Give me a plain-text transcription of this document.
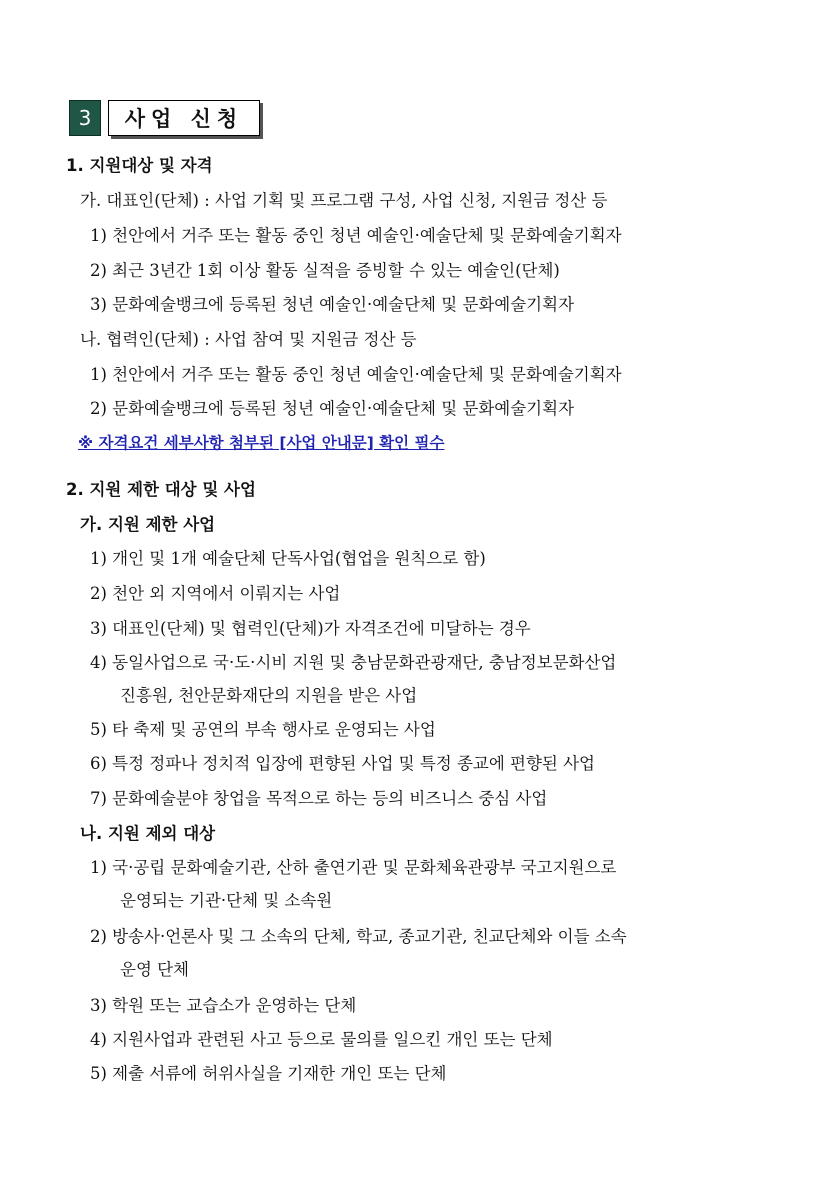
3	사업 신청
1. 지원대상 및 자격
가. 대표인(단체) : 사업 기획 및 프로그램 구성, 사업 신청, 지원금 정산 등
1) 천안에서 거주 또는 활동 중인 청년 예술인·예술단체 및 문화예술기획자
2) 최근 3년간 1회 이상 활동 실적을 증빙할 수 있는 예술인(단체)
3) 문화예술뱅크에 등록된 청년 예술인·예술단체 및 문화예술기획자
나. 협력인(단체) : 사업 참여 및 지원금 정산 등
1) 천안에서 거주 또는 활동 중인 청년 예술인·예술단체 및 문화예술기획자
2) 문화예술뱅크에 등록된 청년 예술인·예술단체 및 문화예술기획자
※ 자격요건 세부사항 첨부된 [사업 안내문] 확인 필수
2. 지원 제한 대상 및 사업
가. 지원 제한 사업
1) 개인 및 1개 예술단체 단독사업(협업을 원칙으로 함)
2) 천안 외 지역에서 이뤄지는 사업
3) 대표인(단체) 및 협력인(단체)가 자격조건에 미달하는 경우
4) 동일사업으로 국·도·시비 지원 및 충남문화관광재단, 충남정보문화산업
진흥원, 천안문화재단의 지원을 받은 사업
5) 타 축제 및 공연의 부속 행사로 운영되는 사업
6) 특정 정파나 정치적 입장에 편향된 사업 및 특정 종교에 편향된 사업
7) 문화예술분야 창업을 목적으로 하는 등의 비즈니스 중심 사업
나. 지원 제외 대상
1) 국·공립 문화예술기관, 산하 출연기관 및 문화체육관광부 국고지원으로
운영되는 기관·단체 및 소속원
2) 방송사·언론사 및 그 소속의 단체, 학교, 종교기관, 친교단체와 이들 소속
운영 단체
3) 학원 또는 교습소가 운영하는 단체
4) 지원사업과 관련된 사고 등으로 물의를 일으킨 개인 또는 단체
5) 제출 서류에 허위사실을 기재한 개인 또는 단체
